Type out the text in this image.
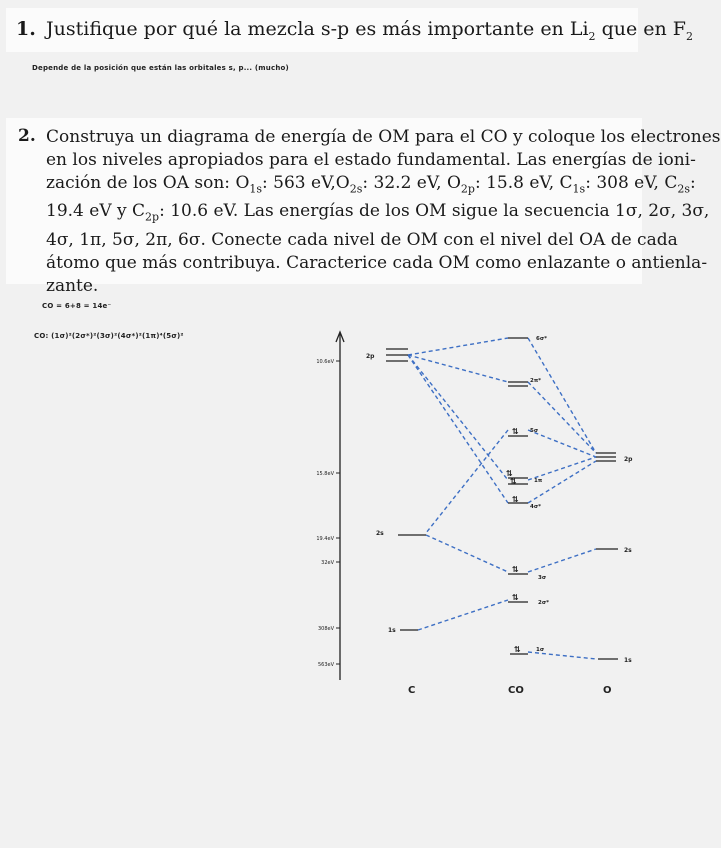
1. Justifique por qué la mezcla s-p es más importante en $Li_2$ que en $F_2$
Depende de la posición que están las orbitales s, p... (mucho)
2. Construya un diagrama de energía de OM para el CO y coloque los electrones
en los niveles apropiados para el estado fundamental. Las energías de ioni-
zación de los OA son: $O_{1s}$: 563 $eV,O_{2s}$: 32.2 eV, $O_{2p}$: 15.8 eV, $C_{1s}$: 308 eV, $C_{2s}$:
19.4 eV y $C_{2p}$: 10.6 eV. Las energías de los OM sigue la secuencia 1σ, 2σ, 3σ,
4σ, 1π, 5σ, 2π, 6σ. Conecte cada nivel de OM con el nivel del OA de cada
átomo que más contribuya. Caracterice cada OM como enlazante o antienla-
zante.
CO = 6+8 = 14e⁻
CO: (1σ)²(2σ*)²(3σ)²(4σ*)²(1π)⁴(5σ)²
10.6eV
15.8eV
19.4eV
32eV
308eV
563eV
2p
2s
1s
2p
2s
1s
⇅
⇅
⇅
⇅
⇅
⇅
⇅
6σ*
2π*
5σ
1π
4σ*
3σ
2σ*
1σ
C	CO	O
